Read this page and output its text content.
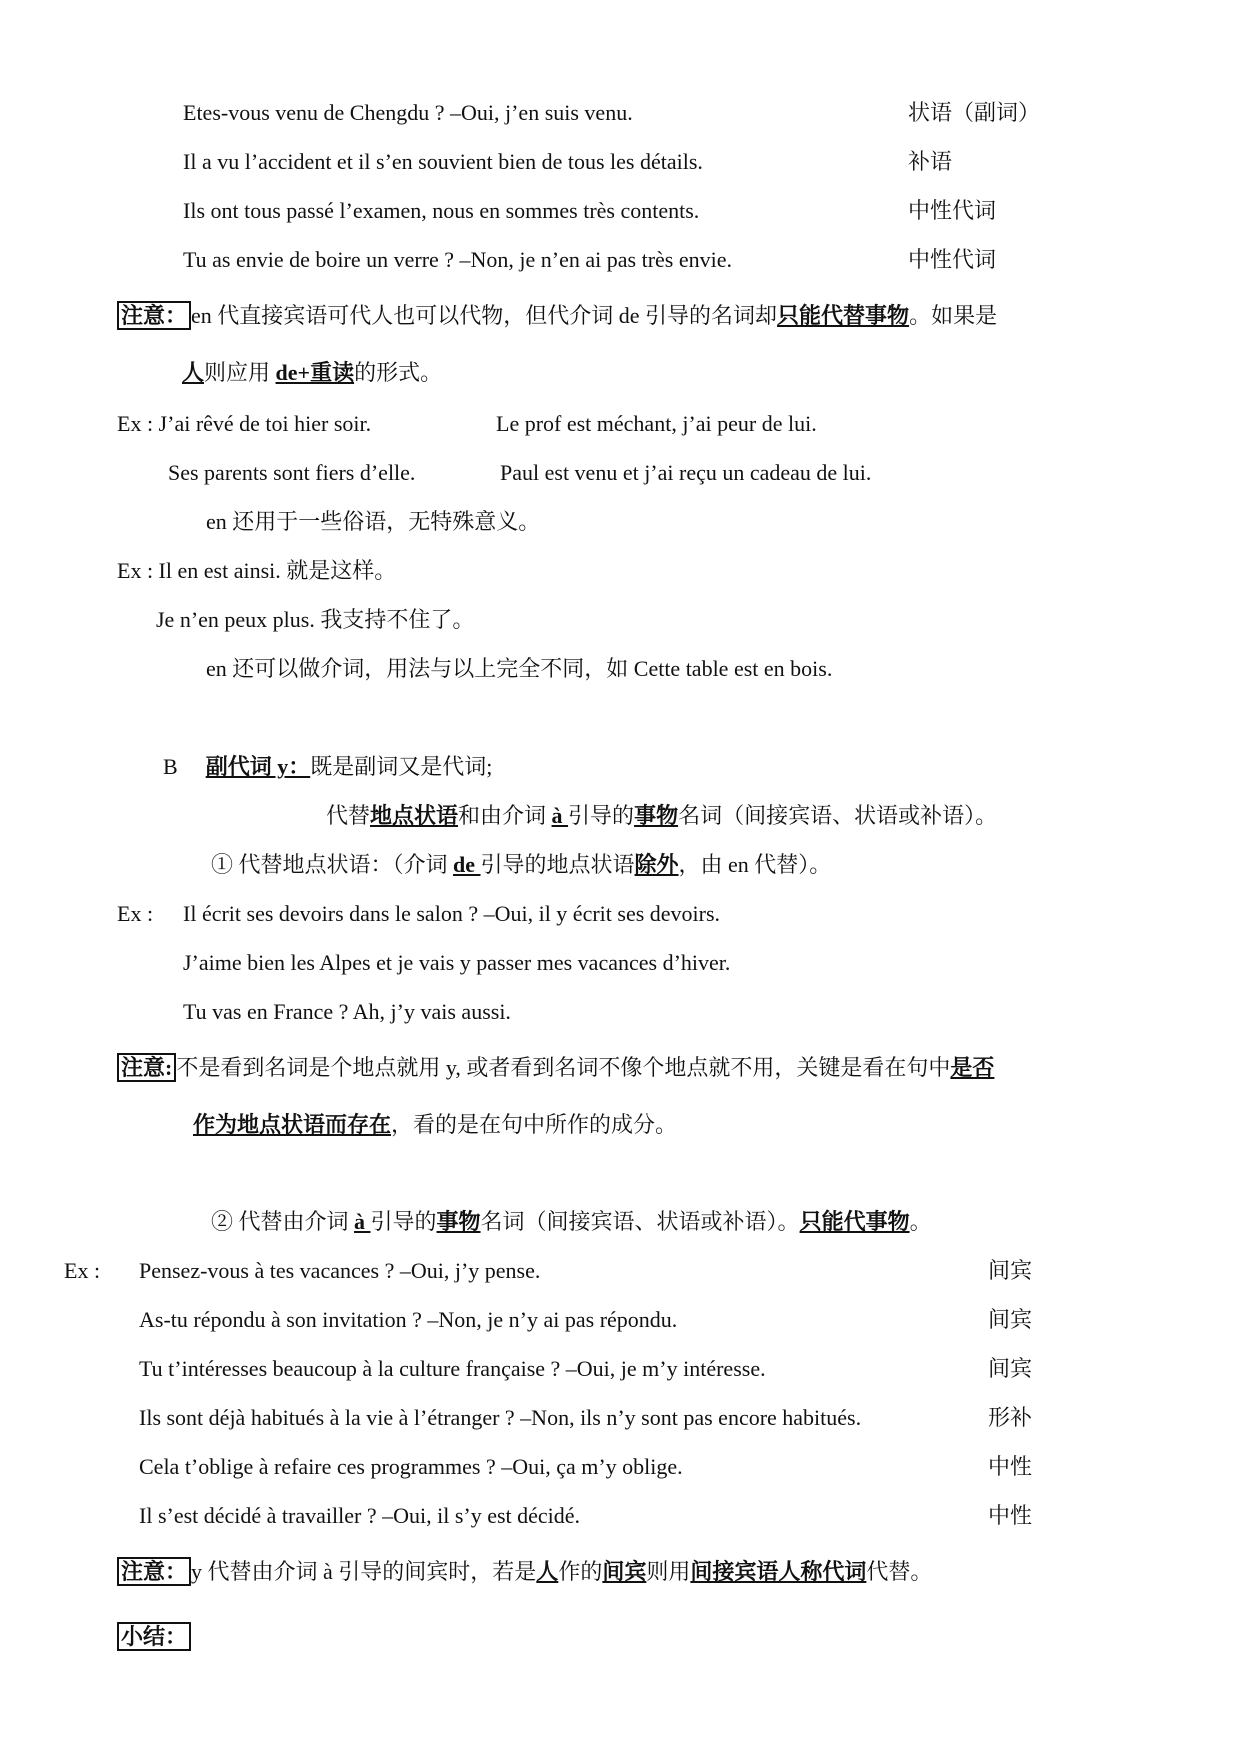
Etes-vous venu de Chengdu ? –Oui, j’en suis venu.	状语（副词）
Il a vu l’accident et il s’en souvient bien de tous les détails.	补语
Ils ont tous passé l’examen, nous en sommes très contents.	中性代词
Tu as envie de boire un verre ? –Non, je n’en ai pas très envie.	中性代词
注意： en 代直接宾语可代人也可以代物，但代介词 de 引导的名词却只能代替事物。如果是
人则应用 de+重读的形式。
Ex : J’ai rêvé de toi hier soir.	Le prof est méchant, j’ai peur de lui.
Ses parents sont fiers d’elle.	Paul est venu et j’ai reçu un cadeau de lui.
en 还用于一些俗语，无特殊意义。
Ex : Il en est ainsi. 就是这样。
Je n’en peux plus. 我支持不住了。
en 还可以做介词，用法与以上完全不同，如 Cette table est en bois.
B 副代词 y：既是副词又是代词;
代替地点状语和由介词 à 引导的事物名词（间接宾语、状语或补语）。
① 代替地点状语：（介词 de 引导的地点状语除外，由 en 代替）。
Ex : Il écrit ses devoirs dans le salon ? –Oui, il y écrit ses devoirs.
J’aime bien les Alpes et je vais y passer mes vacances d’hiver.
Tu vas en France ? Ah, j’y vais aussi.
注意: 不是看到名词是个地点就用 y, 或者看到名词不像个地点就不用，关键是看在句中是否
作为地点状语而存在，看的是在句中所作的成分。
② 代替由介词 à 引导的事物名词（间接宾语、状语或补语）。只能代事物。
Ex : Pensez-vous à tes vacances ? –Oui, j’y pense.	间宾
As-tu répondu à son invitation ? –Non, je n’y ai pas répondu.	间宾
Tu t’intéresses beaucoup à la culture française ? –Oui, je m’y intéresse.	间宾
Ils sont déjà habitués à la vie à l’étranger ? –Non, ils n’y sont pas encore habitués.	形补
Cela t’oblige à refaire ces programmes ? –Oui, ça m’y oblige.	中性
Il s’est décidé à travailler ? –Oui, il s’y est décidé.	中性
注意： y 代替由介词 à 引导的间宾时，若是人作的间宾则用间接宾语人称代词代替。
小结：
